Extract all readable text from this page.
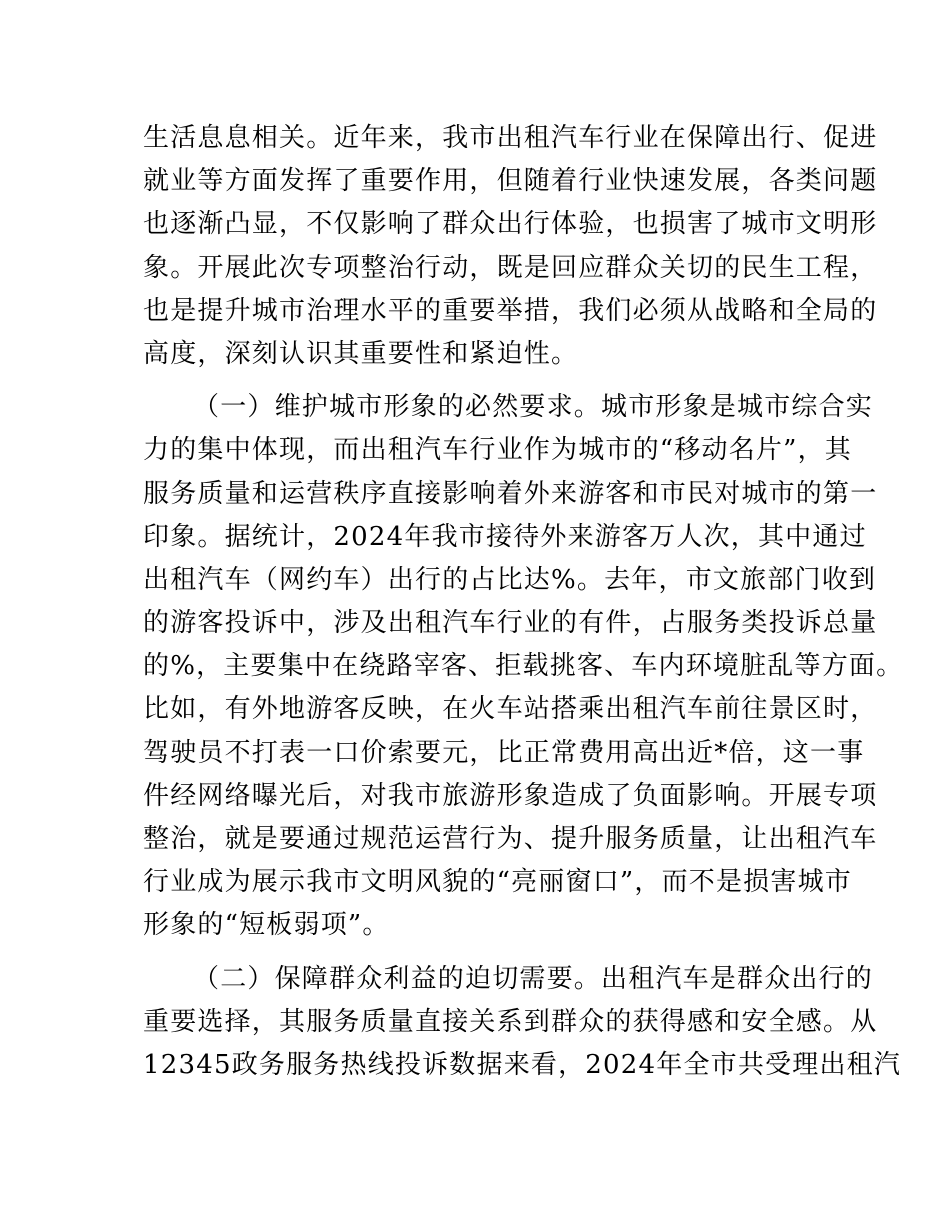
生活息息相关。近年来，我市出租汽车行业在保障出行、促进
就业等方面发挥了重要作用，但随着行业快速发展，各类问题
也逐渐凸显，不仅影响了群众出行体验，也损害了城市文明形
象。开展此次专项整治行动，既是回应群众关切的民生工程，
也是提升城市治理水平的重要举措，我们必须从战略和全局的
高度，深刻认识其重要性和紧迫性。
（一）维护城市形象的必然要求。城市形象是城市综合实
力的集中体现，而出租汽车行业作为城市的“移动名片”，其
服务质量和运营秩序直接影响着外来游客和市民对城市的第一
印象。据统计，2024年我市接待外来游客万人次，其中通过
出租汽车（网约车）出行的占比达%。去年，市文旅部门收到
的游客投诉中，涉及出租汽车行业的有件，占服务类投诉总量
的%，主要集中在绕路宰客、拒载挑客、车内环境脏乱等方面。
比如，有外地游客反映，在火车站搭乘出租汽车前往景区时，
驾驶员不打表一口价索要元，比正常费用高出近*倍，这一事
件经网络曝光后，对我市旅游形象造成了负面影响。开展专项
整治，就是要通过规范运营行为、提升服务质量，让出租汽车
行业成为展示我市文明风貌的“亮丽窗口”，而不是损害城市
形象的“短板弱项”。
（二）保障群众利益的迫切需要。出租汽车是群众出行的
重要选择，其服务质量直接关系到群众的获得感和安全感。从
12345政务服务热线投诉数据来看，2024年全市共受理出租汽
